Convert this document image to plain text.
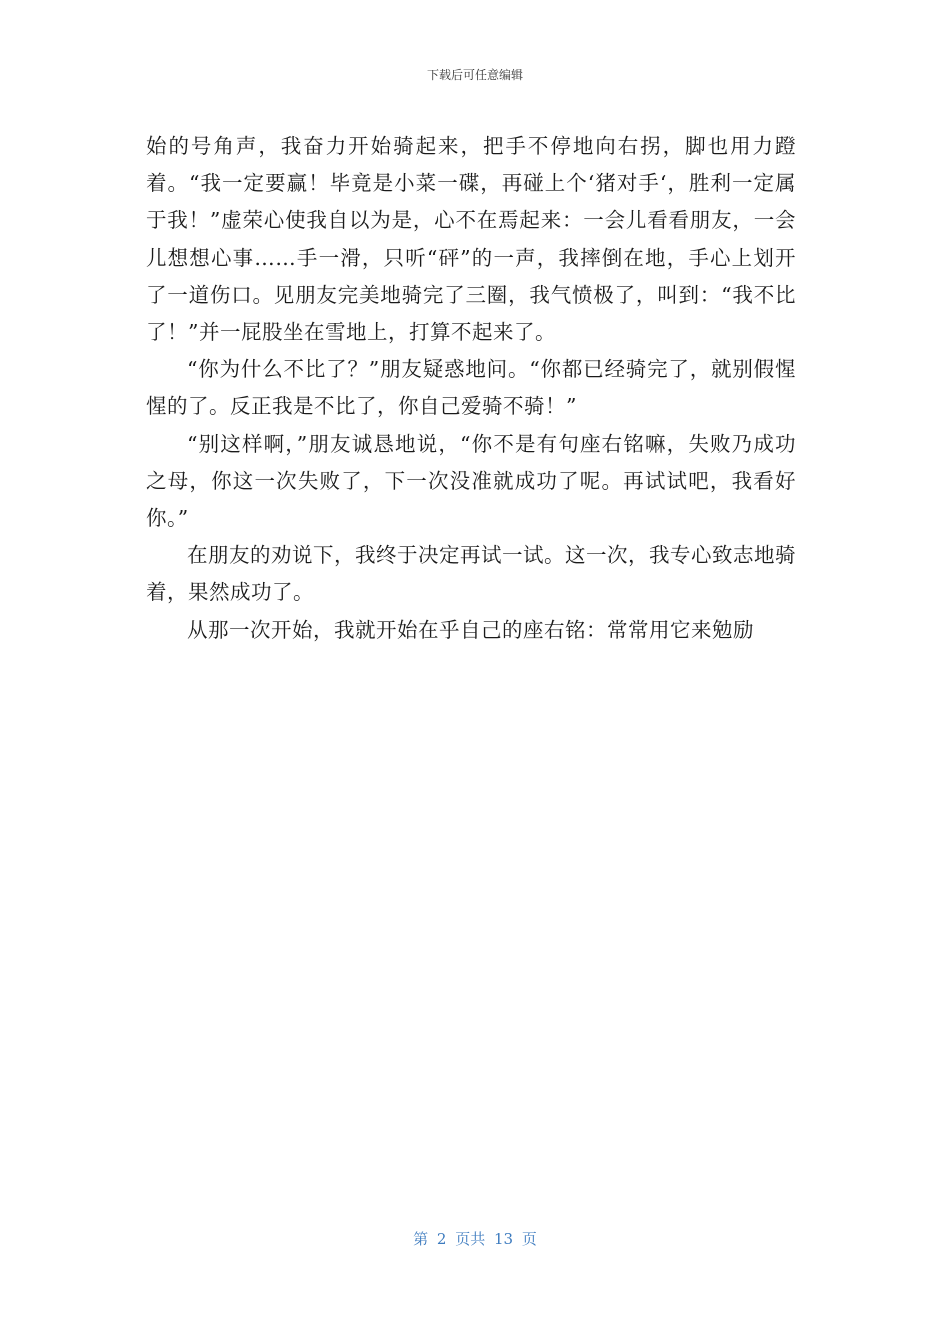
下载后可任意编辑

始的号角声，我奋力开始骑起来，把手不停地向右拐，脚也用力蹬着。“我一定要赢！毕竟是小菜一碟，再碰上个‘猪对手‘，胜利一定属于我！”虚荣心使我自以为是，心不在焉起来：一会儿看看朋友，一会儿想想心事……手一滑，只听“砰”的一声，我摔倒在地，手心上划开了一道伤口。见朋友完美地骑完了三圈，我气愤极了，叫到：“我不比了！”并一屁股坐在雪地上，打算不起来了。

“你为什么不比了？”朋友疑惑地问。“你都已经骑完了，就别假惺惺的了。反正我是不比了，你自己爱骑不骑！”

“别这样啊，”朋友诚恳地说，“你不是有句座右铭嘛，失败乃成功之母，你这一次失败了，下一次没准就成功了呢。再试试吧，我看好你。”

在朋友的劝说下，我终于决定再试一试。这一次，我专心致志地骑着，果然成功了。

从那一次开始，我就开始在乎自己的座右铭：常常用它来勉励

第 2 页共 13 页
